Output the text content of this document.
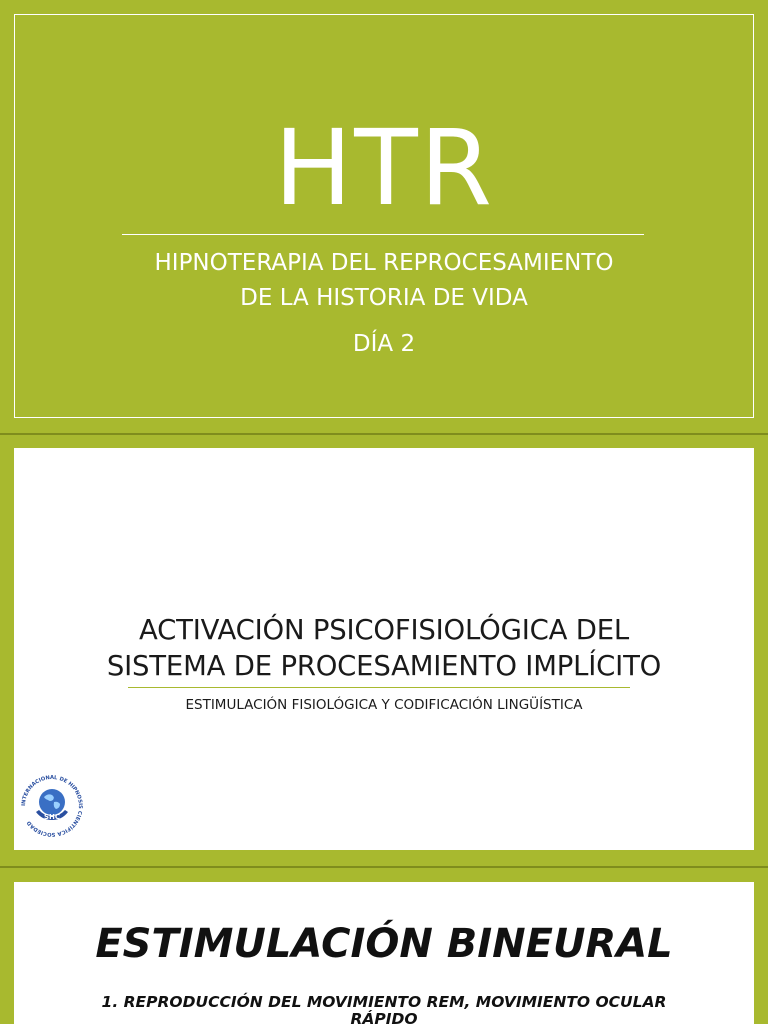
HTR
HIPNOTERAPIA DEL REPROCESAMIENTO
DE LA HISTORIA DE VIDA
DÍA 2
ACTIVACIÓN PSICOFISIOLÓGICA DEL
SISTEMA DE PROCESAMIENTO IMPLÍCITO
ESTIMULACIÓN FISIOLÓGICA Y CODIFICACIÓN LINGÜÍSTICA
INTERNACIONAL DE HIPNOSIS CIENTÍFICA SOCIEDAD
SHC
ESTIMULACIÓN BINEURAL
1. REPRODUCCIÓN DEL MOVIMIENTO REM, MOVIMIENTO OCULAR
RÁPIDO
